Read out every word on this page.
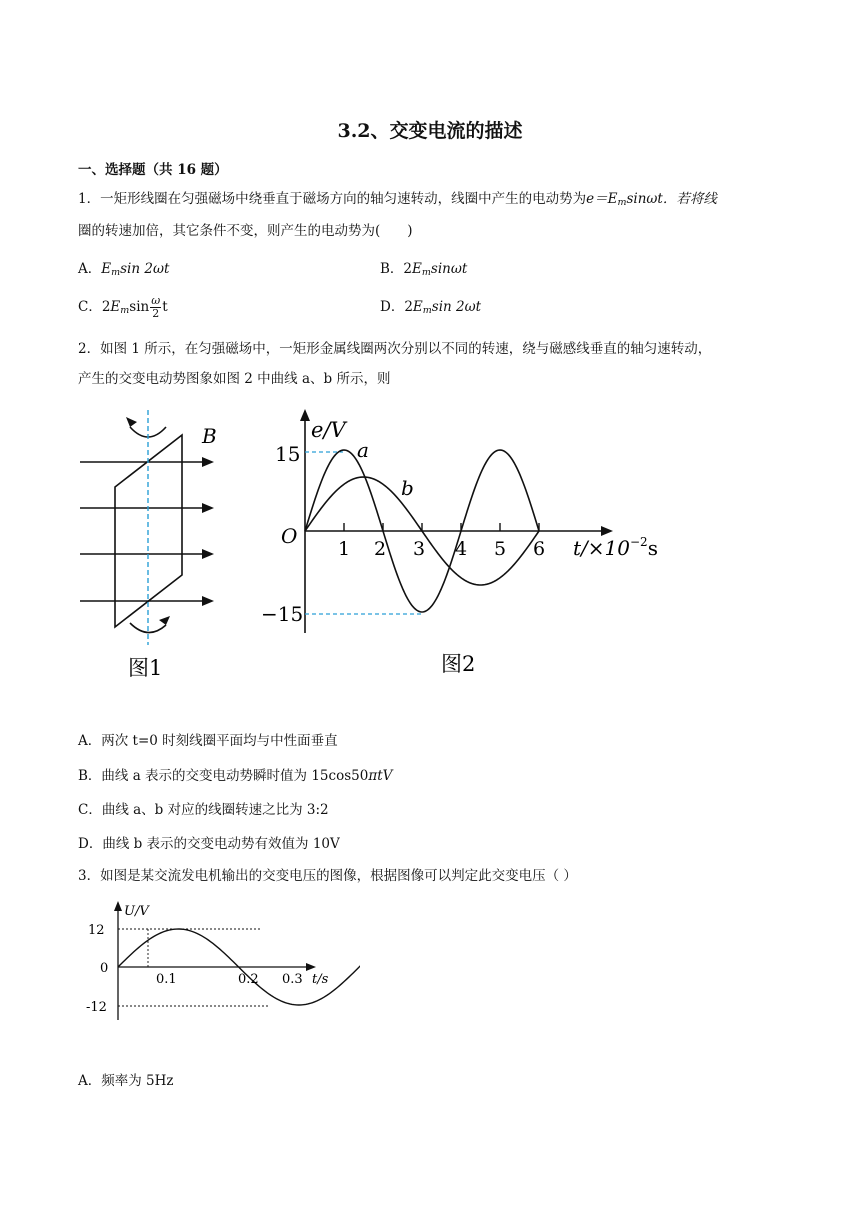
3.2、交变电流的描述
一、选择题（共 16 题）
1．一矩形线圈在匀强磁场中绕垂直于磁场方向的轴匀速转动，线圈中产生的电动势为e＝Emsinωt．若将线
圈的转速加倍，其它条件不变，则产生的电动势为(　　)
A．Emsin 2ωt	B．2Emsinωt
C．$2Emsin \frac{\omega}{2}$ t	D．2Emsin 2ωt
2．如图 1 所示，在匀强磁场中，一矩形金属线圈两次分别以不同的转速，绕与磁感线垂直的轴匀速转动，
产生的交变电动势图象如图 2 中曲线 a、b 所示，则
B
图1
1 2 3 4 5 6
15
−15
O
e/V
a
b
$t/\times 10^{-2}s$
图2
A．两次 t=0 时刻线圈平面均与中性面垂直
B．曲线 a 表示的交变电动势瞬时值为 15cos50πtV
C．曲线 a、b 对应的线圈转速之比为 3:2
D．曲线 b 表示的交变电动势有效值为 10V
3．如图是某交流发电机输出的交变电压的图像，根据图像可以判定此交变电压（ ）
12
0
-12
0.1	0.2 0.3 t/s
U/V
A．频率为 5Hz
